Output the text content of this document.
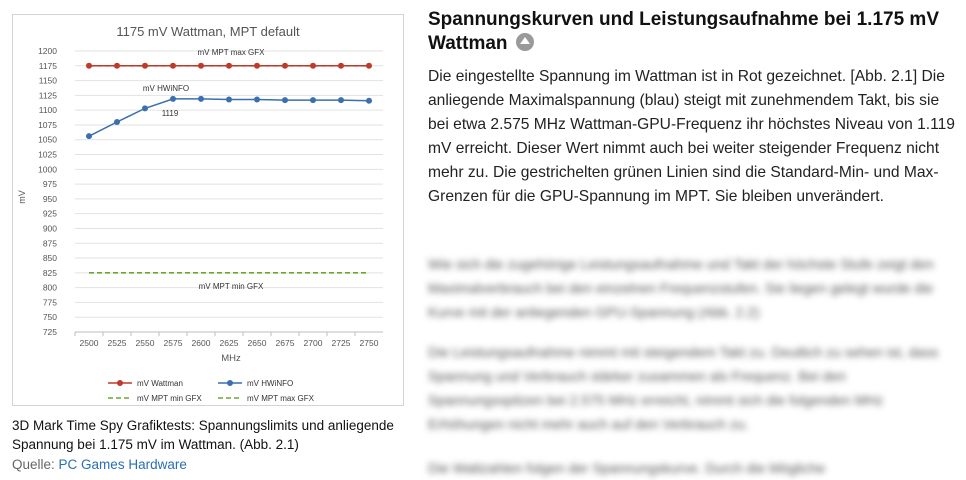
1175 mV Wattman, MPT default
mV
MHz
725
750
775
800
825
850
875
900
925
950
975
1000
1025
1050
1075
1100
1125
1150
1175
1200
2500 2525 2550 2575 2600 2625 2650 2675 2700 2725 2750
mV MPT max GFX
mV HWiNFO
1119
mV MPT min GFX
mV Wattman	mV HWiNFO
mV MPT min GFX	mV MPT max GFX
3D Mark Time Spy Grafiktests: Spannungslimits und anliegende Spannung bei 1.175 mV im Wattman. (Abb. 2.1)
Quelle: PC Games Hardware
Spannungskurven und Leistungsaufnahme bei 1.175 mV Wattman

Die eingestellte Spannung im Wattman ist in Rot gezeichnet. [Abb. 2.1] Die anliegende Maximalspannung (blau) steigt mit zunehmendem Takt, bis sie bei etwa 2.575 MHz Wattman-GPU-Frequenz ihr höchstes Niveau von 1.119 mV erreicht. Dieser Wert nimmt auch bei weiter steigender Frequenz nicht mehr zu. Die gestrichelten grünen Linien sind die Standard-Min- und Max-Grenzen für die GPU-Spannung im MPT. Sie bleiben unverändert.

Wie sich die zugehörige Leistungsaufnahme und Takt der höchste Stufe zeigt den Maximalverbrauch bei den einzelnen Frequenzstufen. Sie liegen gelegt wurde die Kurve mit der anliegenden GPU-Spannung (Abb. 2.2)

Die Leistungsaufnahme nimmt mit steigendem Takt zu. Deutlich zu sehen ist, dass Spannung und Verbrauch stärker zusammen als Frequenz. Bei den Spannungsspitzen bei 2.575 MHz erreicht, nimmt sich die folgenden MHz Erhöhungen nicht mehr auch auf den Verbrauch zu.

Die Wattzahlen folgen der Spannungskurve. Durch die Mögliche
